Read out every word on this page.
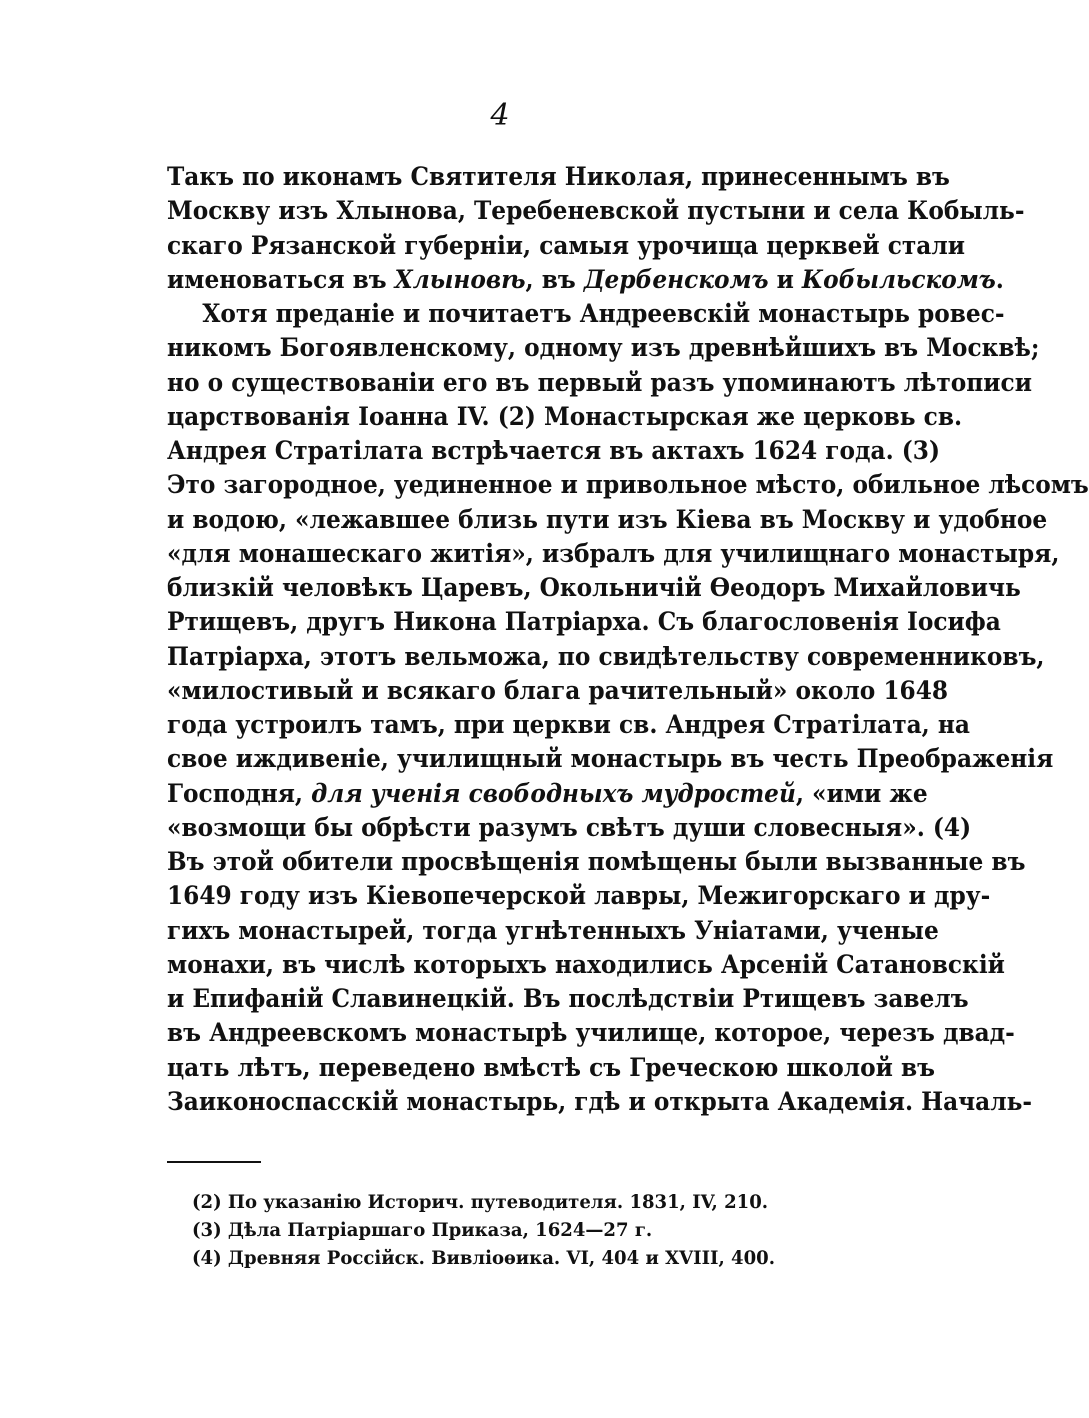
4
Такъ по иконамъ Святителя Николая, принесеннымъ въ
Москву изъ Хлынова, Теребеневской пустыни и села Кобыль-
скаго Рязанской губерніи, самыя урочища церквей стали
именоваться въ Хлыновѣ, въ Дербенскомъ и Кобыльскомъ.
Хотя преданіе и почитаетъ Андреевскій монастырь ровес-
никомъ Богоявленскому, одному изъ древнѣйшихъ въ Москвѣ;
но о существованіи его въ первый разъ упоминаютъ лѣтописи
царствованія Іоанна IV. (2) Монастырская же церковь св.
Андрея Стратілата встрѣчается въ актахъ 1624 года. (3)
Это загородное, уединенное и привольное мѣсто, обильное лѣсомъ
и водою, «лежавшее близь пути изъ Кіева въ Москву и удобное
«для монашескаго житія», избралъ для училищнаго монастыря,
близкій человѣкъ Царевъ, Окольничій Ѳеодоръ Михайловичь
Ртищевъ, другъ Никона Патріарха. Съ благословенія Іосифа
Патріарха, этотъ вельможа, по свидѣтельству современниковъ,
«милостивый и всякаго блага рачительный» около 1648
года устроилъ тамъ, при церкви св. Андрея Стратілата, на
свое иждивеніе, училищный монастырь въ честь Преображенія
Господня, для ученія свободныхъ мудростей, «ими же
«возмощи бы обрѣсти разумъ свѣтъ души словесныя». (4)
Въ этой обители просвѣщенія помѣщены были вызванные въ
1649 году изъ Кіевопечерской лавры, Межигорскаго и дру-
гихъ монастырей, тогда угнѣтенныхъ Уніатами, ученые
монахи, въ числѣ которыхъ находились Арсеній Сатановскій
и Епифаній Славинецкій. Въ послѣдствіи Ртищевъ завелъ
въ Андреевскомъ монастырѣ училище, которое, черезъ двад-
цать лѣтъ, переведено вмѣстѣ съ Греческою школой въ
Заиконоспасскій монастырь, гдѣ и открыта Академія. Началь-
(2) По указанію Историч. путеводителя. 1831, IV, 210.
(3) Дѣла Патріаршаго Приказа, 1624—27 г.
(4) Древняя Россійск. Вивліоѳика. VI, 404 и XVIII, 400.
